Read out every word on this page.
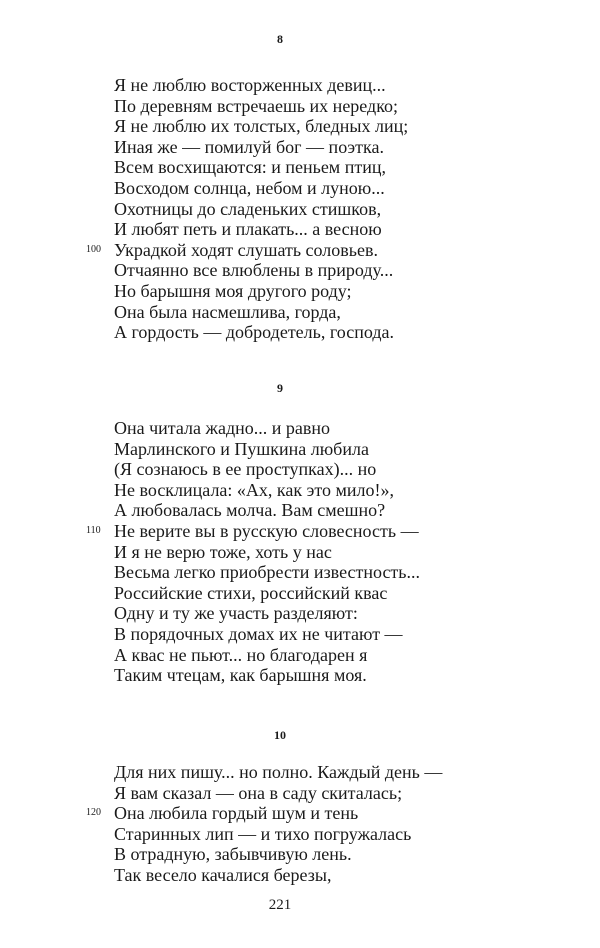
8
Я не люблю восторженных девиц...
По деревням встречаешь их нередко;
Я не люблю их толстых, бледных лиц;
Иная же — помилуй бог — поэтка.
Всем восхищаются: и пеньем птиц,
Восходом солнца, небом и луною...
Охотницы до сладеньких стишков,
И любят петь и плакать... а весною
100 Украдкой ходят слушать соловьев.
Отчаянно все влюблены в природу...
Но барышня моя другого роду;
Она была насмешлива, горда,
А гордость — добродетель, господа.
9
Она читала жадно... и равно
Марлинского и Пушкина любила
(Я сознаюсь в ее проступках)... но
Не восклицала: «Ах, как это мило!»,
А любовалась молча. Вам смешно?
110 Не верите вы в русскую словесность —
И я не верю тоже, хоть у нас
Весьма легко приобрести известность...
Российские стихи, российский квас
Одну и ту же участь разделяют:
В порядочных домах их не читают —
А квас не пьют... но благодарен я
Таким чтецам, как барышня моя.
10
Для них пишу... но полно. Каждый день —
Я вам сказал — она в саду скиталась;
120 Она любила гордый шум и тень
Старинных лип — и тихо погружалась
В отрадную, забывчивую лень.
Так весело качалися березы,
221
